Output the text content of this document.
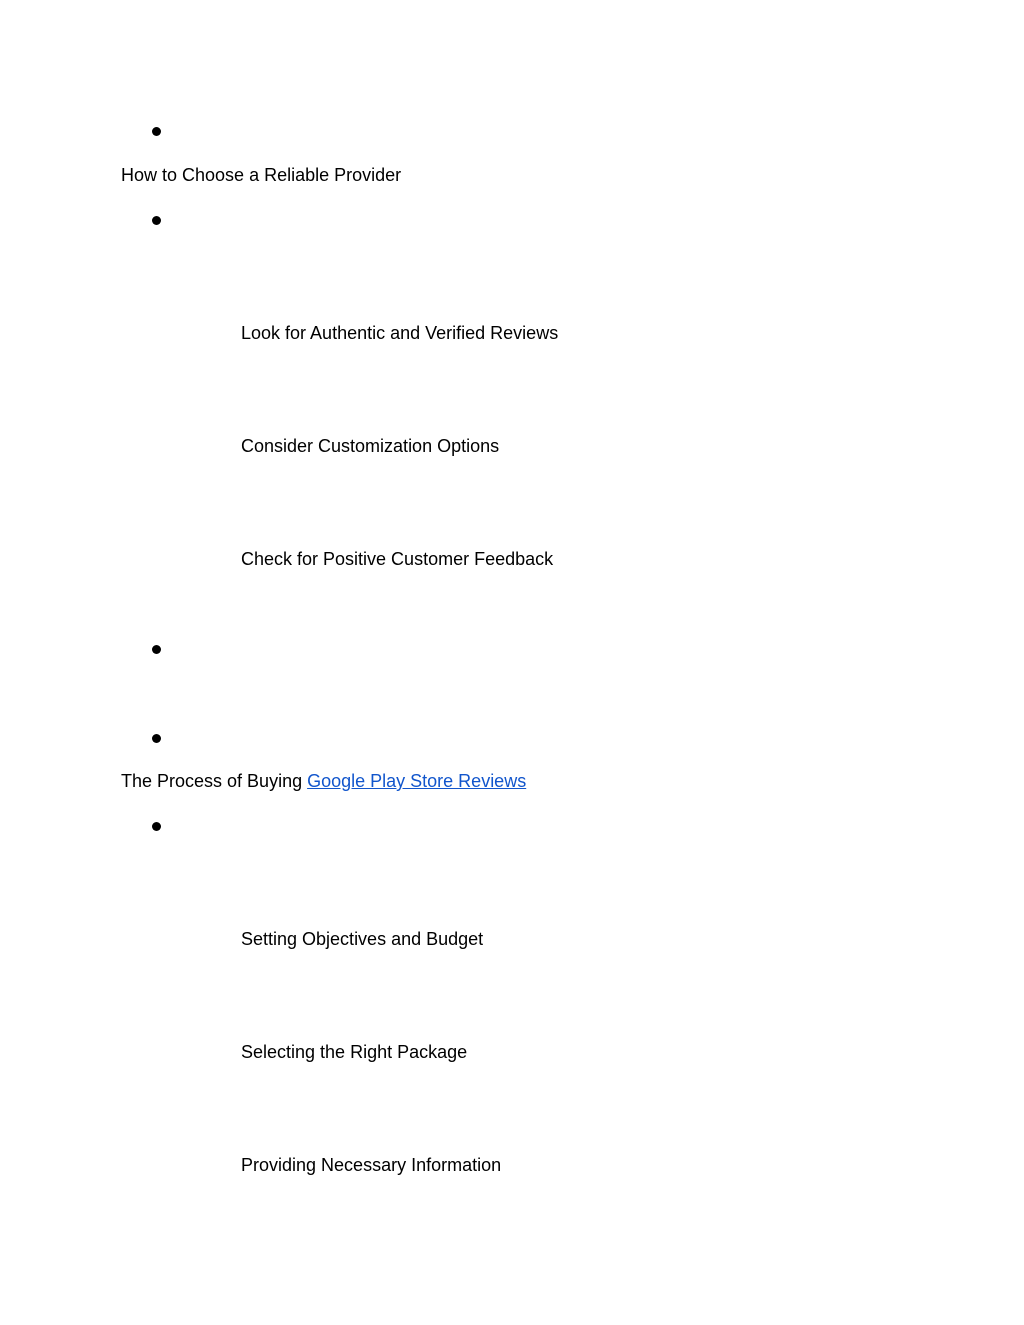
How to Choose a Reliable Provider
Look for Authentic and Verified Reviews
Consider Customization Options
Check for Positive Customer Feedback
The Process of Buying Google Play Store Reviews
Setting Objectives and Budget
Selecting the Right Package
Providing Necessary Information
